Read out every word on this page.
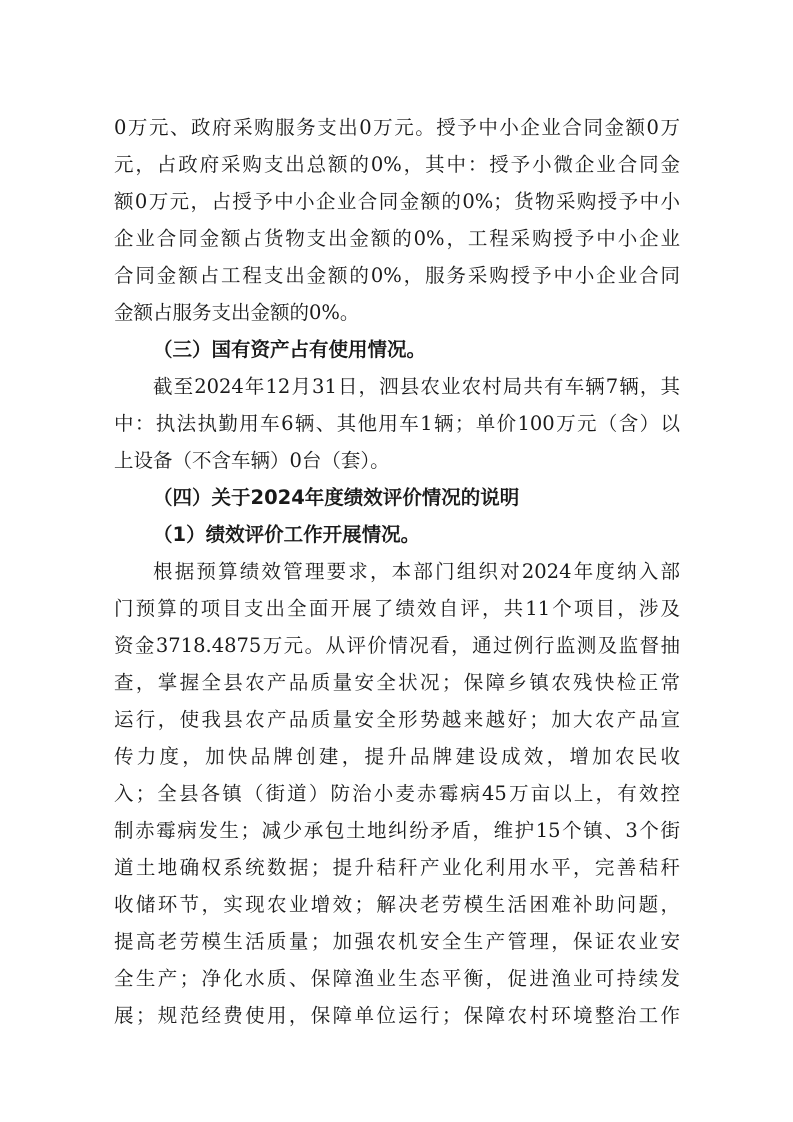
0万元、政府采购服务支出0万元。授予中小企业合同金额0万
元，占政府采购支出总额的0%，其中：授予小微企业合同金
额0万元，占授予中小企业合同金额的0%；货物采购授予中小
企业合同金额占货物支出金额的0%，工程采购授予中小企业
合同金额占工程支出金额的0%，服务采购授予中小企业合同
金额占服务支出金额的0%。
（三）国有资产占有使用情况。
截至2024年12月31日，泗县农业农村局共有车辆7辆，其
中：执法执勤用车6辆、其他用车1辆；单价100万元（含）以
上设备（不含车辆）0台（套）。
（四）关于2024年度绩效评价情况的说明
（1）绩效评价工作开展情况。
根据预算绩效管理要求，本部门组织对2024年度纳入部
门预算的项目支出全面开展了绩效自评，共11个项目，涉及
资金3718.4875万元。从评价情况看，通过例行监测及监督抽
查，掌握全县农产品质量安全状况；保障乡镇农残快检正常
运行，使我县农产品质量安全形势越来越好；加大农产品宣
传力度，加快品牌创建，提升品牌建设成效，增加农民收
入；全县各镇（街道）防治小麦赤霉病45万亩以上，有效控
制赤霉病发生；减少承包土地纠纷矛盾，维护15个镇、3个街
道土地确权系统数据；提升秸秆产业化利用水平，完善秸秆
收储环节，实现农业增效；解决老劳模生活困难补助问题，
提高老劳模生活质量；加强农机安全生产管理，保证农业安
全生产；净化水质、保障渔业生态平衡，促进渔业可持续发
展；规范经费使用，保障单位运行；保障农村环境整治工作
